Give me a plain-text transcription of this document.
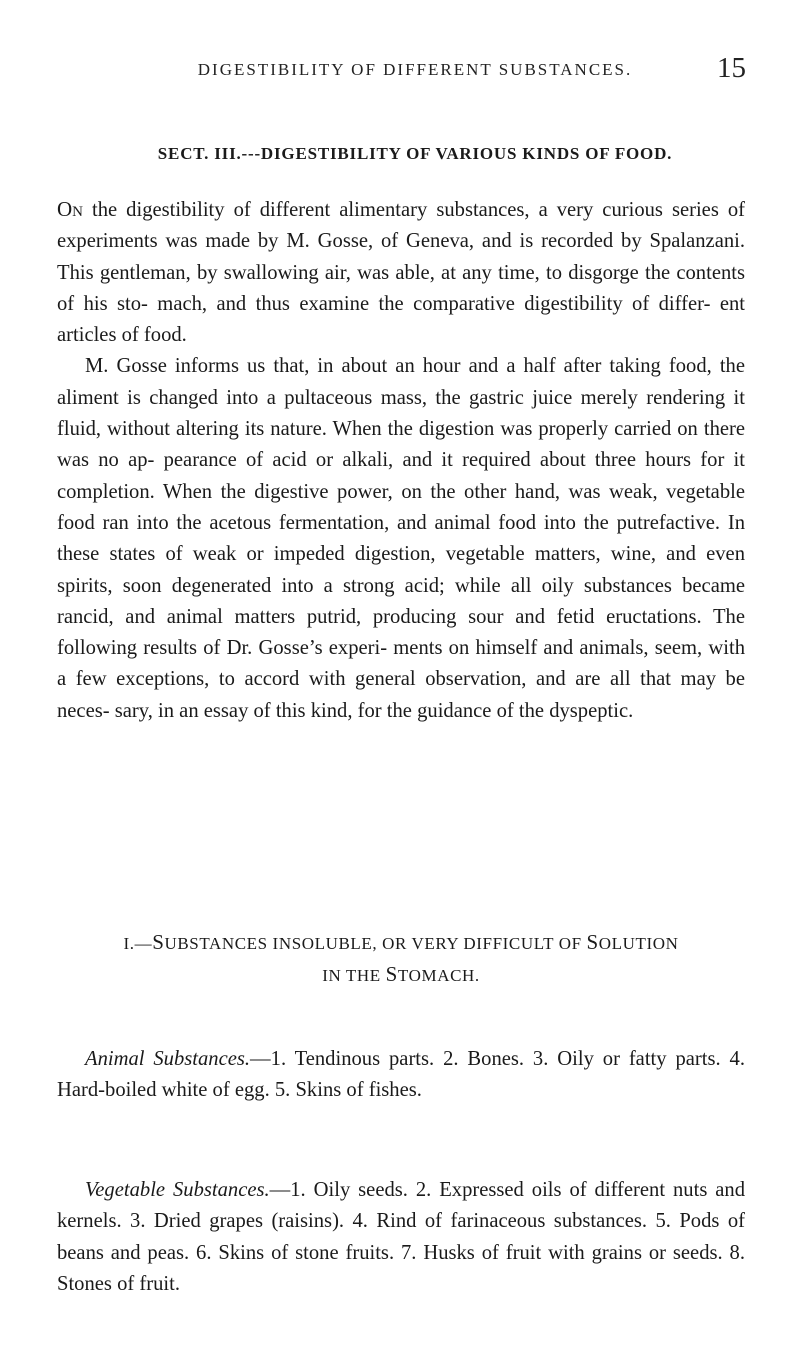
DIGESTIBILITY OF DIFFERENT SUBSTANCES.	15
SECT. III.---DIGESTIBILITY OF VARIOUS KINDS OF FOOD.

On the digestibility of different alimentary substances, a very curious series of experiments was made by M. Gosse, of Geneva, and is recorded by Spalanzani. This gentleman, by swallowing air, was able, at any time, to disgorge the contents of his sto- mach, and thus examine the comparative digestibility of differ- ent articles of food.

M. Gosse informs us that, in about an hour and a half after taking food, the aliment is changed into a pultaceous mass, the gastric juice merely rendering it fluid, without altering its nature. When the digestion was properly carried on there was no ap- pearance of acid or alkali, and it required about three hours for it completion. When the digestive power, on the other hand, was weak, vegetable food ran into the acetous fermentation, and animal food into the putrefactive. In these states of weak or impeded digestion, vegetable matters, wine, and even spirits, soon degenerated into a strong acid; while all oily substances became rancid, and animal matters putrid, producing sour and fetid eructations. The following results of Dr. Gosse’s experi- ments on himself and animals, seem, with a few exceptions, to accord with general observation, and are all that may be neces- sary, in an essay of this kind, for the guidance of the dyspeptic.

I.—SUBSTANCES INSOLUBLE, OR VERY DIFFICULT OF SOLUTION
IN THE STOMACH.
Animal Substances.—1. Tendinous parts. 2. Bones. 3. Oily or fatty parts. 4. Hard-boiled white of egg. 5. Skins of fishes.
Vegetable Substances.—1. Oily seeds. 2. Expressed oils of different nuts and kernels. 3. Dried grapes (raisins). 4. Rind of farinaceous substances. 5. Pods of beans and peas. 6. Skins of stone fruits. 7. Husks of fruit with grains or seeds. 8. Stones of fruit.
